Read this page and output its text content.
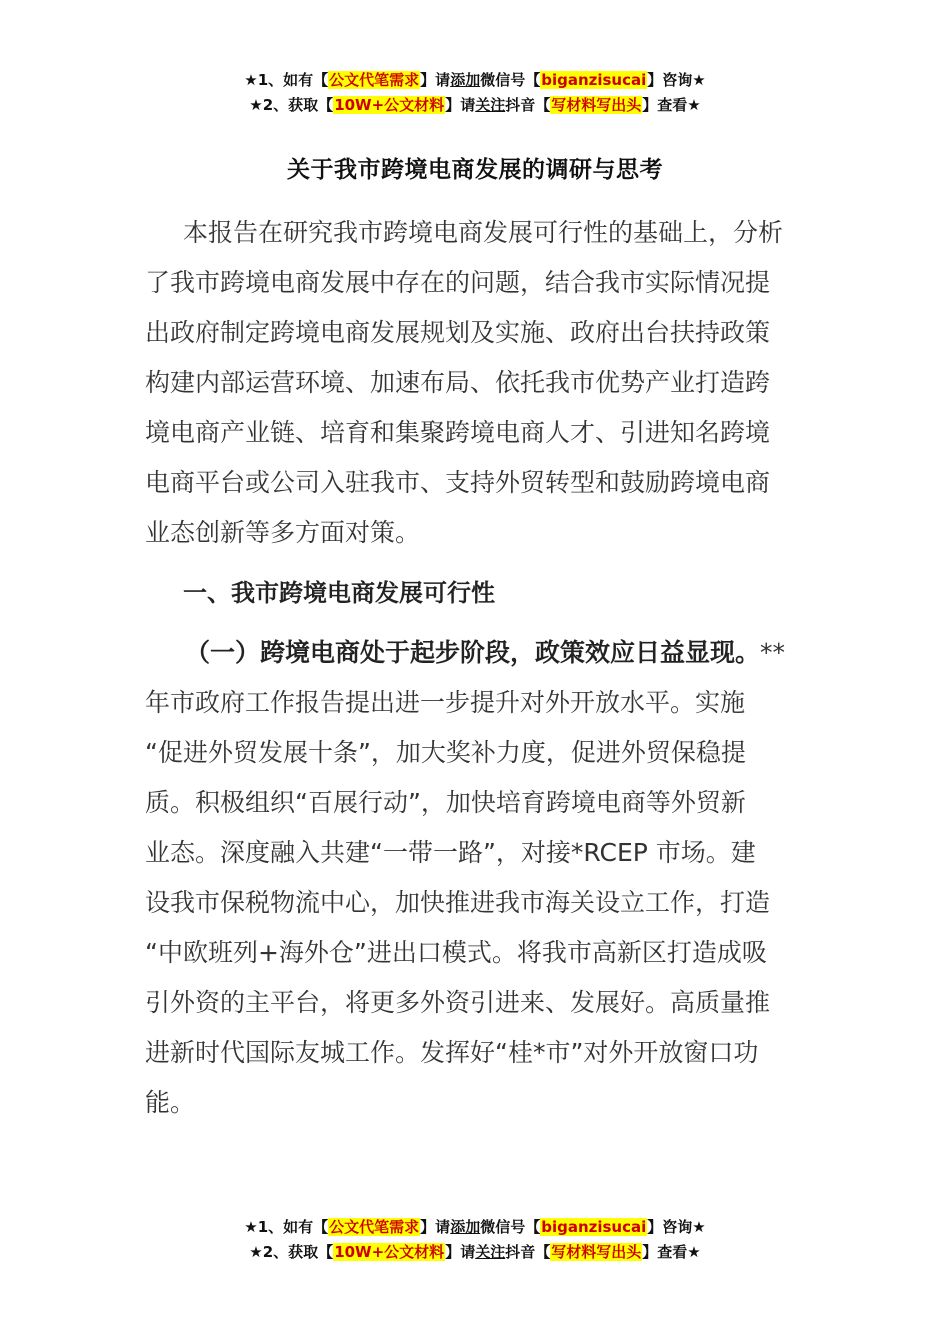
★1、如有【公文代笔需求】请添加微信号【biganzisucai】咨询★
★2、获取【10W+公文材料】请关注抖音【写材料写出头】查看★
关于我市跨境电商发展的调研与思考

本报告在研究我市跨境电商发展可行性的基础上，分析
了我市跨境电商发展中存在的问题，结合我市实际情况提
出政府制定跨境电商发展规划及实施、政府出台扶持政策
构建内部运营环境、加速布局、依托我市优势产业打造跨
境电商产业链、培育和集聚跨境电商人才、引进知名跨境
电商平台或公司入驻我市、支持外贸转型和鼓励跨境电商
业态创新等多方面对策。

一、我市跨境电商发展可行性

（一）跨境电商处于起步阶段，政策效应日益显现。**
年市政府工作报告提出进一步提升对外开放水平。实施
“促进外贸发展十条”，加大奖补力度，促进外贸保稳提
质。积极组织“百展行动”，加快培育跨境电商等外贸新
业态。深度融入共建“一带一路”，对接*RCEP 市场。建
设我市保税物流中心，加快推进我市海关设立工作，打造
“中欧班列+海外仓”进出口模式。将我市高新区打造成吸
引外资的主平台，将更多外资引进来、发展好。高质量推
进新时代国际友城工作。发挥好“桂*市”对外开放窗口功
能。

★1、如有【公文代笔需求】请添加微信号【biganzisucai】咨询★
★2、获取【10W+公文材料】请关注抖音【写材料写出头】查看★
